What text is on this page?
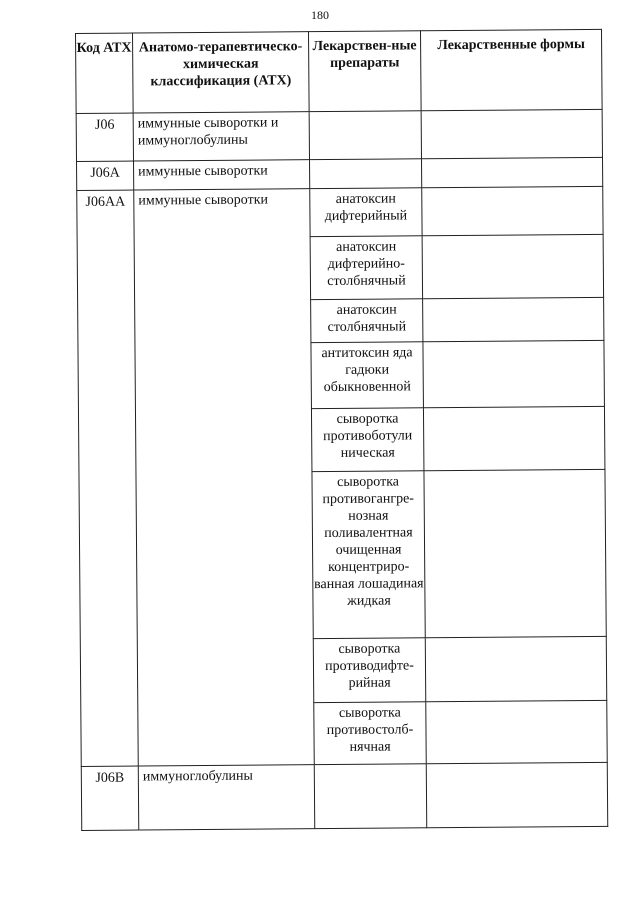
180
Код АТХ	Анатомо-терапевтическо-химическая классификация (АТХ)	Лекарствен-ные препараты	Лекарственные формы
J06	иммунные сыворотки и иммуноглобулины		
J06A	иммунные сыворотки		
J06AA	иммунные сыворотки	анатоксин дифтерийный	
		анатоксин дифтерийно-столбнячный	
		анатоксин столбнячный	
		антитоксин яда гадюки обыкновенной	
		сыворотка противоботули ническая	
		сыворотка противогангре-нозная поливалентная очищенная концентриро-ванная лошадиная жидкая	
		сыворотка противодифте-рийная	
		сыворотка противостолб-нячная	
J06B	иммуноглобулины		
